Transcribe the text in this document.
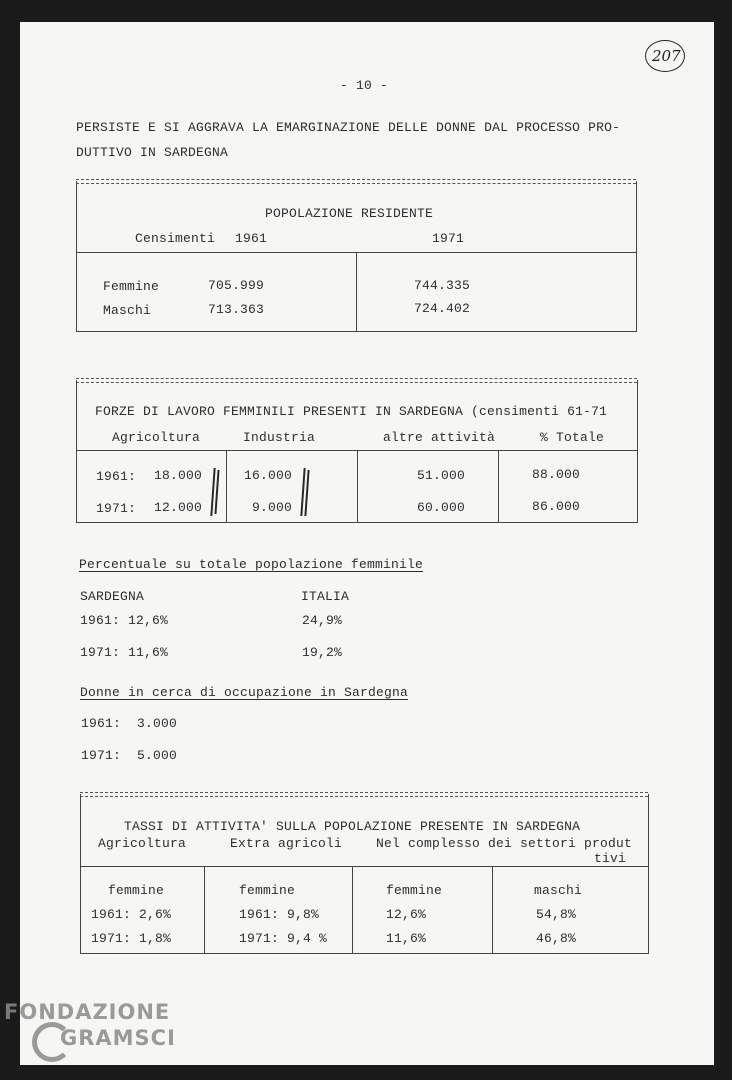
207
- 10 -
PERSISTE E SI AGGRAVA LA EMARGINAZIONE DELLE DONNE DAL PROCESSO PRO-
DUTTIVO IN SARDEGNA
POPOLAZIONE RESIDENTE
Censimenti 1961	1971
Femmine	705.999	744.335
Maschi	713.363	724.402
FORZE DI LAVORO FEMMINILI PRESENTI IN SARDEGNA (censimenti 61-71
Agricoltura	Industria	altre attività	% Totale
1961: 18.000	16.000	51.000	88.000
1971: 12.000	9.000	60.000	86.000
Percentuale su totale popolazione femminile
SARDEGNA	ITALIA
1961: 12,6%	24,9%
1971: 11,6%	19,2%
Donne in cerca di occupazione in Sardegna
1961:  3.000
1971:  5.000
TASSI DI ATTIVITA' SULLA POPOLAZIONE PRESENTE IN SARDEGNA
Agricoltura	Extra agricoli	Nel complesso dei settori produt
tivi
femmine	femmine	femmine	maschi
1961: 2,6%	1961: 9,8%	12,6%	54,8%
1971: 1,8%	1971: 9,4 %	11,6%	46,8%
FONDAZIONE
GRAMSCI
